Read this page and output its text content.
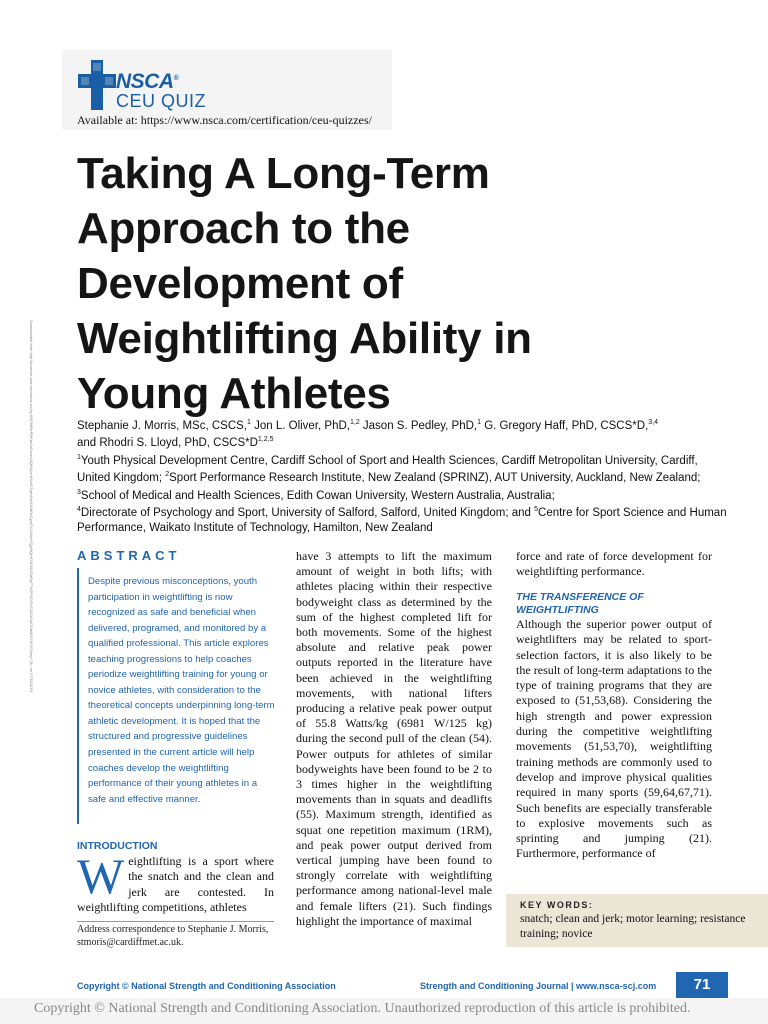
NSCA®
CEU QUIZ
Available at: https://www.nsca.com/certification/ceu-quizzes/
Taking A Long-Term
Approach to the
Development of
Weightlifting Ability in
Young Athletes
Downloaded from http://journals.lww.com/nsca-scj by BhDMf5ePHKav1zEoum1tQfN4a+kJLhEZgbsIHo4XMi0hCywCX1AWnYQp/IlQrHD3i3D0OdRyi7TvSFl4Cf3VC4/OAVpDDa8KKGKV0Ymy+78= on 07/11/2021	Stephanie J. Morris, MSc, CSCS,$^1$ Jon L. Oliver, PhD,$^{1,2}$ Jason S. Pedley, PhD,$^1$ G. Gregory Haff, PhD, CSCS*D,$^{3,4}$
and Rhodri S. Lloyd, PhD, $CSCS*D^{1,2,5}$
$^1$Youth Physical Development Centre, Cardiff School of Sport and Health Sciences, Cardiff Metropolitan University, Cardiff, United Kingdom; $^2$Sport Performance Research Institute, New Zealand (SPRINZ), AUT University, Auckland, New Zealand; $^3$School of Medical and Health Sciences, Edith Cowan University, Western Australia, Australia;
$^4$Directorate of Psychology and Sport, University of Salford, Salford, United Kingdom; and $^5$Centre for Sport Science and Human Performance, Waikato Institute of Technology, Hamilton, New Zealand
ABSTRACT
Despite previous misconceptions, youth participation in weightlifting is now recognized as safe and beneficial when delivered, programed, and monitored by a qualified professional. This article explores teaching progressions to help coaches periodize weightlifting training for young or novice athletes, with consideration to the theoretical concepts underpinning long-term athletic development. It is hoped that the structured and progressive guidelines presented in the current article will help coaches develop the weightlifting performance of their young athletes in a safe and effective manner.
INTRODUCTION
Weightlifting is a sport where the snatch and the clean and jerk are contested. In weightlifting competitions, athletes
Address correspondence to Stephanie J. Morris, stmoris@cardiffmet.ac.uk.
have 3 attempts to lift the maximum amount of weight in both lifts; with athletes placing within their respective bodyweight class as determined by the sum of the highest completed lift for both movements. Some of the highest absolute and relative peak power outputs reported in the literature have been achieved in the weightlifting movements, with national lifters producing a relative peak power output of 55.8 Watts/kg (6981 W/125 kg) during the second pull of the clean (54). Power outputs for athletes of similar bodyweights have been found to be 2 to 3 times higher in the weightlifting movements than in squats and deadlifts (55). Maximum strength, identified as squat one repetition maximum (1RM), and peak power output derived from vertical jumping have been found to strongly correlate with weightlifting performance among national-level male and female lifters (21). Such findings highlight the importance of maximal
force and rate of force development for weightlifting performance.
THE TRANSFERENCE OF WEIGHTLIFTING
Although the superior power output of weightlifters may be related to sport-selection factors, it is also likely to be the result of long-term adaptations to the type of training programs that they are exposed to (51,53,68). Considering the high strength and power expression during the competitive weightlifting movements (51,53,70), weightlifting training methods are commonly used to develop and improve physical qualities required in many sports (59,64,67,71). Such benefits are especially transferable to explosive movements such as sprinting and jumping (21). Furthermore, performance of
KEY WORDS:
snatch; clean and jerk; motor learning; resistance training; novice
Copyright © National Strength and Conditioning Association	Strength and Conditioning Journal | www.nsca-scj.com	71
Copyright © National Strength and Conditioning Association. Unauthorized reproduction of this article is prohibited.
